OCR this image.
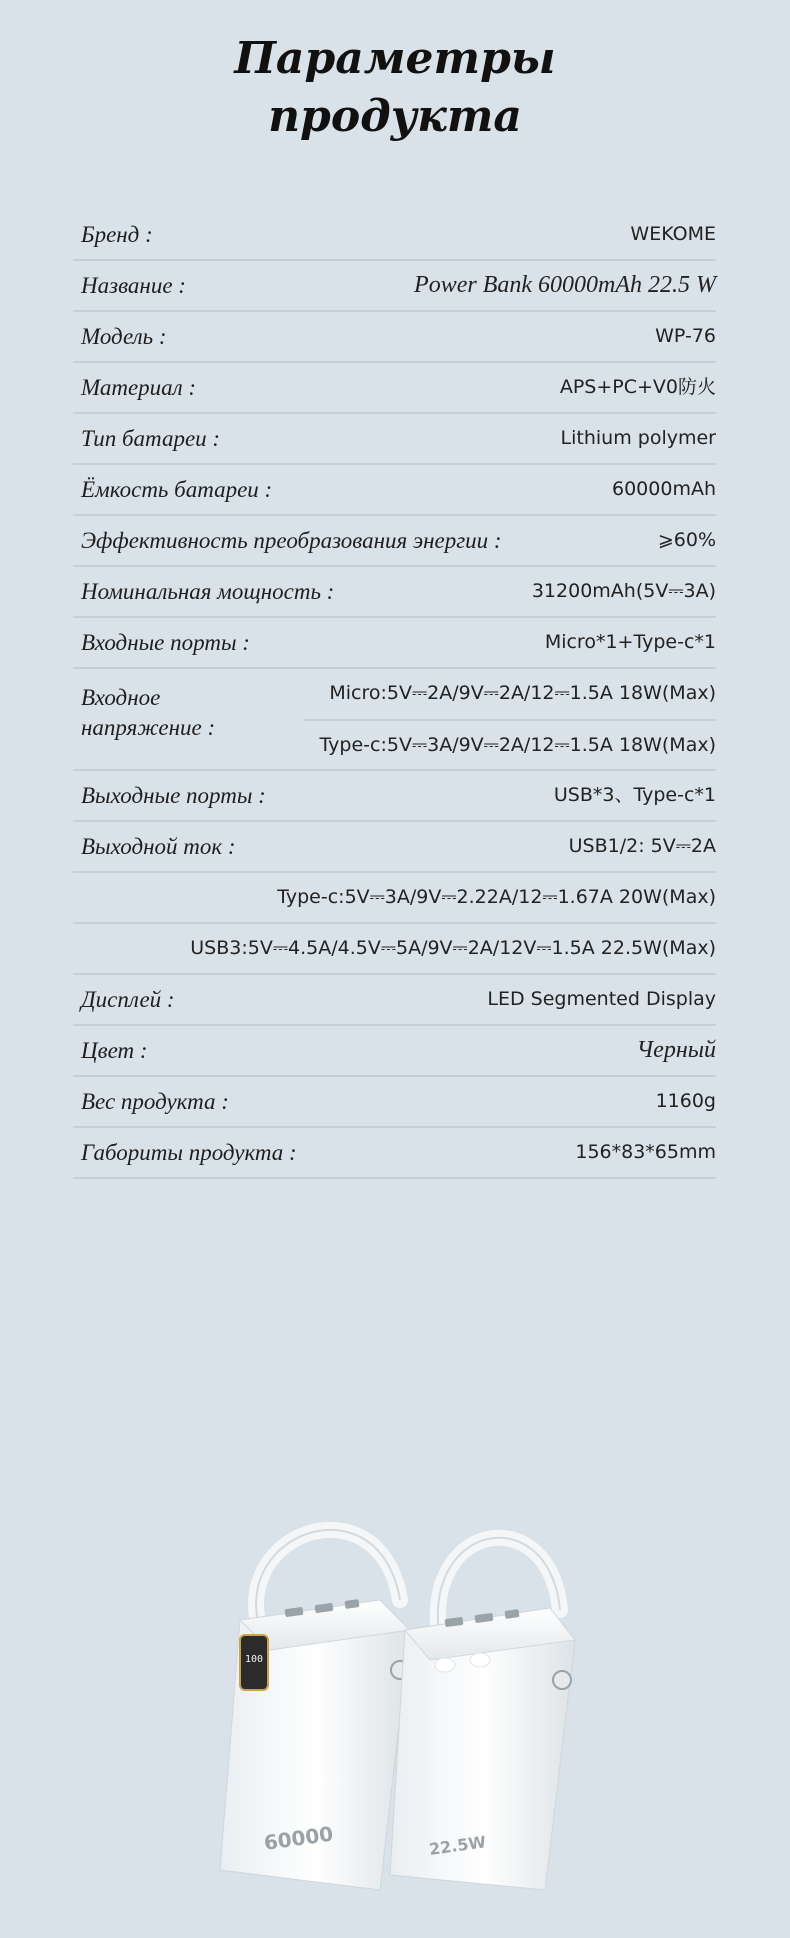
Параметры
продукта
Бренд :	WEKOME
Название :	Power Bank 60000mAh 22.5 W
Модель :	WP-76
Материал :	APS+PC+V0防火
Тип батареи :	Lithium polymer
Ёмкость батареи :	60000mAh
Эффективность преобразования энергии :	⩾60%
Номинальная мощность :	31200mAh(5V⎓3A)
Входные порты :	Micro*1+Type-c*1
Входное напряжение :
Micro:5V⎓2A/9V⎓2A/12⎓1.5A 18W(Max)
Type-c:5V⎓3A/9V⎓2A/12⎓1.5A 18W(Max)
Выходные порты :	USB*3、Type-c*1
Выходной ток :	USB1/2: 5V⎓2A
Type-c:5V⎓3A/9V⎓2.22A/12⎓1.67A 20W(Max)
USB3:5V⎓4.5A/4.5V⎓5A/9V⎓2A/12V⎓1.5A 22.5W(Max)
Дисплей :	LED Segmented Display
Цвет :	Черный
Вес продукта :	1160g
Габориты продукта :	156*83*65mm
100
60000	22.5W
